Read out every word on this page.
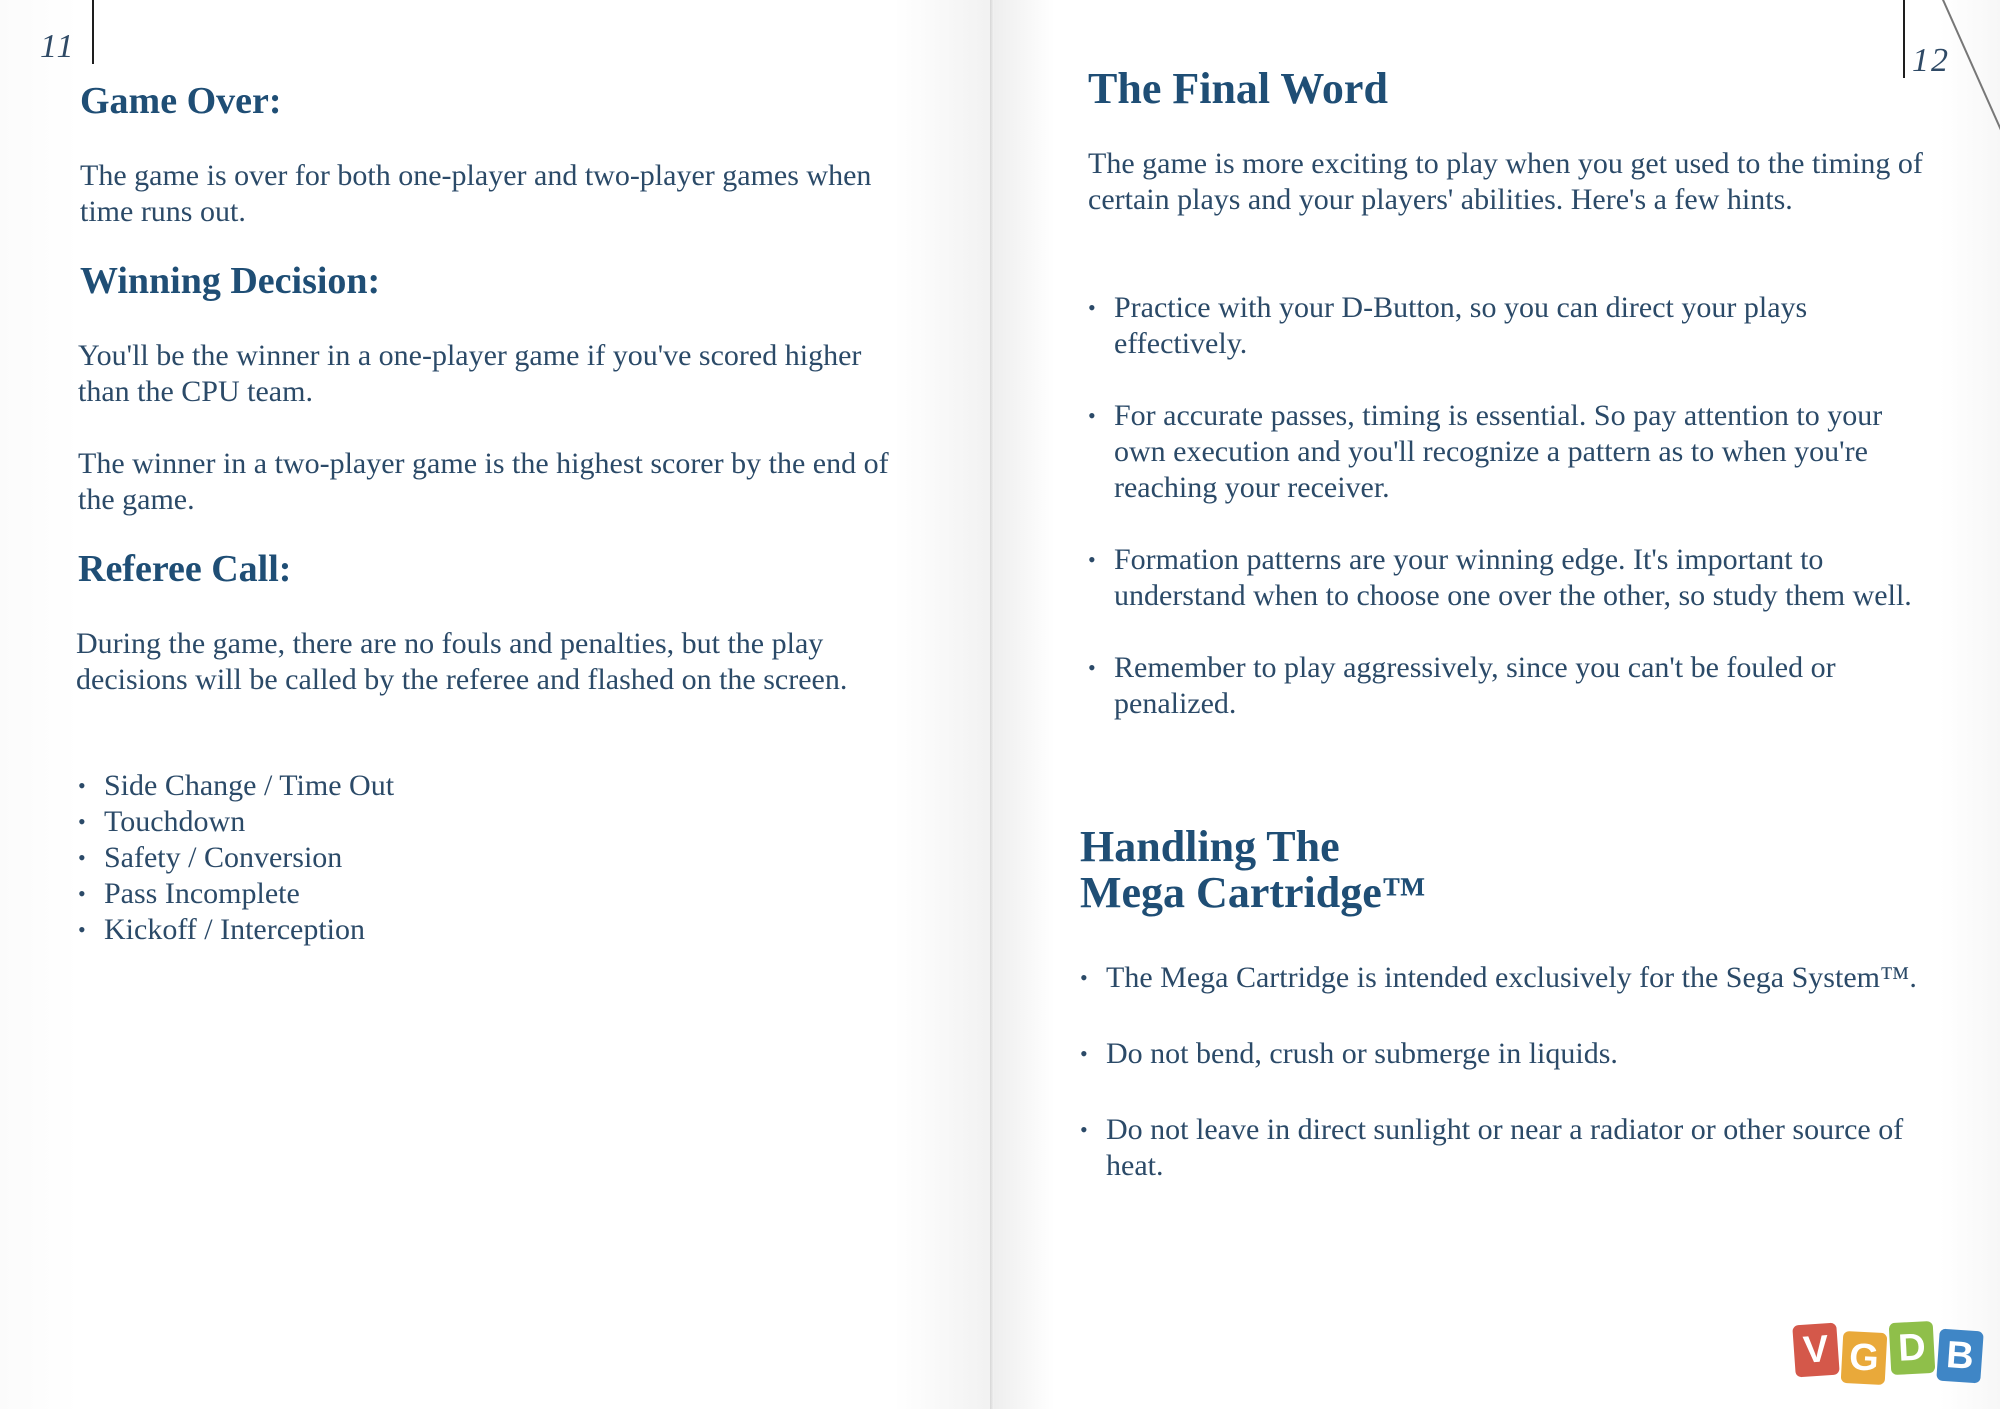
11
Game Over:

The game is over for both one-player and two-player games when time runs out.

Winning Decision:

You'll be the winner in a one-player game if you've scored higher than the CPU team.

The winner in a two-player game is the highest scorer by the end of the game.

Referee Call:

During the game, there are no fouls and penalties, but the play decisions will be called by the referee and flashed on the screen.

• Side Change / Time Out
• Touchdown
• Safety / Conversion
• Pass Incomplete
• Kickoff / Interception
12
The Final Word

The game is more exciting to play when you get used to the timing of certain plays and your players' abilities. Here's a few hints.

• Practice with your D-Button, so you can direct your plays effectively.
• For accurate passes, timing is essential. So pay attention to your own execution and you'll recognize a pattern as to when you're reaching your receiver.
• Formation patterns are your winning edge. It's important to understand when to choose one over the other, so study them well.
• Remember to play aggressively, since you can't be fouled or penalized.
Handling The
Mega Cartridge™
• The Mega Cartridge is intended exclusively for the Sega System™.
• Do not bend, crush or submerge in liquids.
• Do not leave in direct sunlight or near a radiator or other source of heat.
V G D B
